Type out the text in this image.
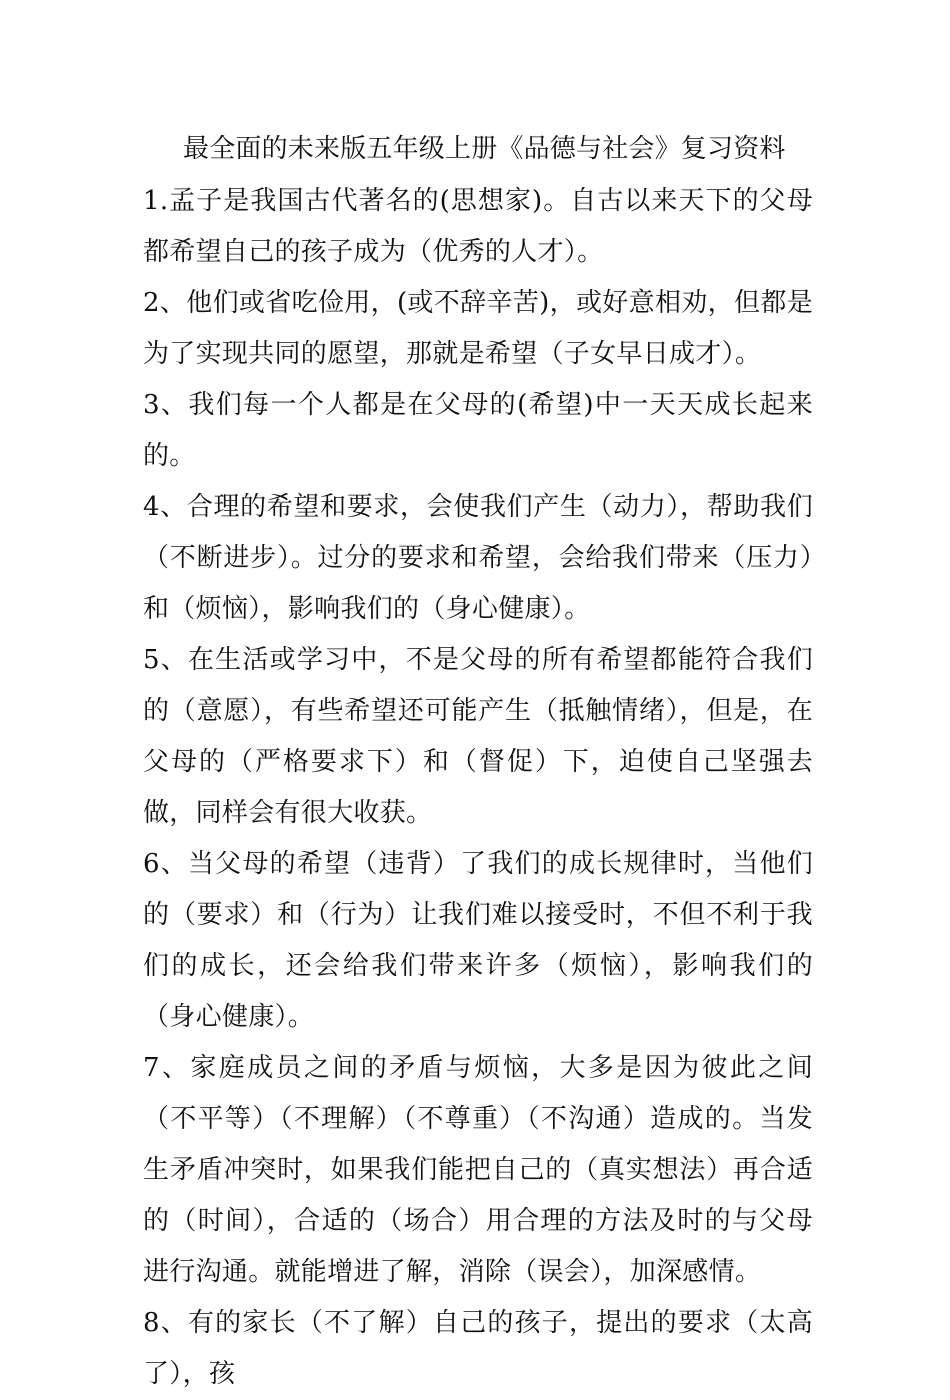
最全面的未来版五年级上册《品德与社会》复习资料

1.孟子是我国古代著名的(思想家)。自古以来天下的父母都希望自己的孩子成为（优秀的人才）。

2、他们或省吃俭用，(或不辞辛苦)，或好意相劝，但都是为了实现共同的愿望，那就是希望（子女早日成才）。

3、我们每一个人都是在父母的(希望)中一天天成长起来的。

4、合理的希望和要求，会使我们产生（动力），帮助我们（不断进步）。过分的要求和希望，会给我们带来（压力）和（烦恼），影响我们的（身心健康）。

5、在生活或学习中，不是父母的所有希望都能符合我们的（意愿），有些希望还可能产生（抵触情绪），但是，在父母的（严格要求下）和（督促）下，迫使自己坚强去做，同样会有很大收获。

6、当父母的希望（违背）了我们的成长规律时，当他们的（要求）和（行为）让我们难以接受时，不但不利于我们的成长，还会给我们带来许多（烦恼），影响我们的（身心健康）。

7、家庭成员之间的矛盾与烦恼，大多是因为彼此之间（不平等）（不理解）（不尊重）（不沟通）造成的。当发生矛盾冲突时，如果我们能把自己的（真实想法）再合适的（时间），合适的（场合）用合理的方法及时的与父母进行沟通。就能增进了解，消除（误会），加深感情。

8、有的家长（不了解）自己的孩子，提出的要求（太高了），孩
